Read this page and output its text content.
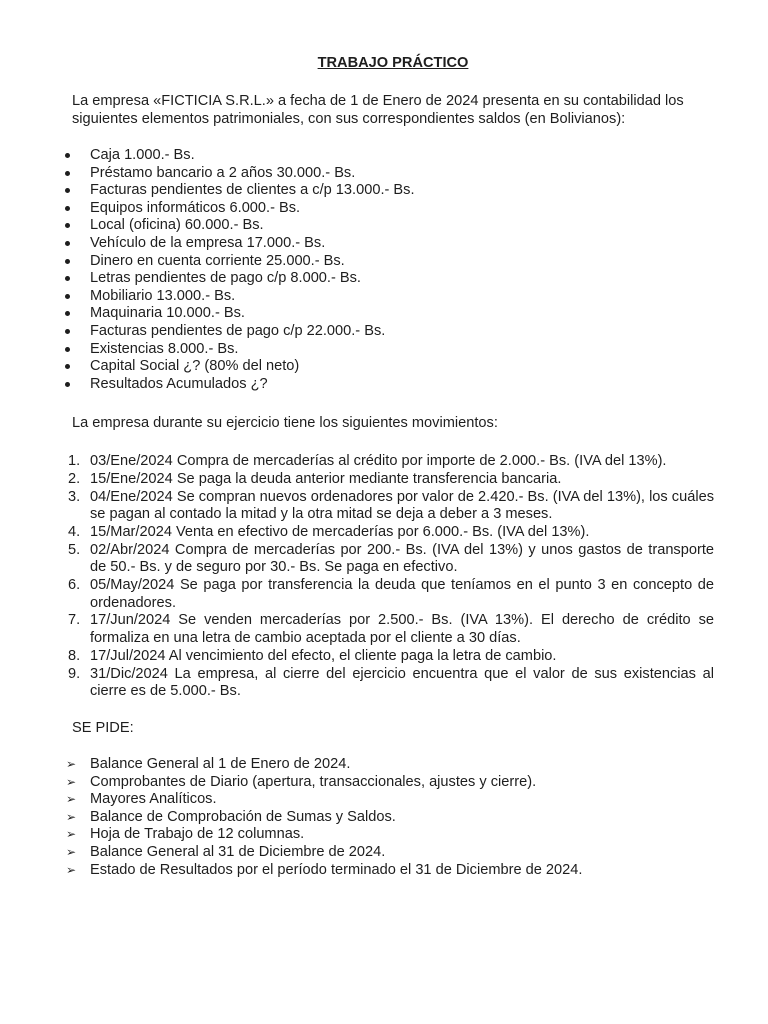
TRABAJO PRÁCTICO

La empresa «FICTICIA S.R.L.» a fecha de 1 de Enero de 2024 presenta en su contabilidad los siguientes elementos patrimoniales, con sus correspondientes saldos (en Bolivianos):

Caja 1.000.- Bs.
Préstamo bancario a 2 años 30.000.- Bs.
Facturas pendientes de clientes a c/p 13.000.- Bs.
Equipos informáticos 6.000.- Bs.
Local (oficina) 60.000.- Bs.
Vehículo de la empresa 17.000.- Bs.
Dinero en cuenta corriente 25.000.- Bs.
Letras pendientes de pago c/p 8.000.- Bs.
Mobiliario 13.000.- Bs.
Maquinaria 10.000.- Bs.
Facturas pendientes de pago c/p 22.000.- Bs.
Existencias 8.000.- Bs.
Capital Social ¿? (80% del neto)
Resultados Acumulados ¿?

La empresa durante su ejercicio tiene los siguientes movimientos:

1. 03/Ene/2024 Compra de mercaderías al crédito por importe de 2.000.- Bs. (IVA del 13%).
2. 15/Ene/2024 Se paga la deuda anterior mediante transferencia bancaria.
3. 04/Ene/2024 Se compran nuevos ordenadores por valor de 2.420.- Bs. (IVA del 13%), los cuáles se pagan al contado la mitad y la otra mitad se deja a deber a 3 meses.
4. 15/Mar/2024 Venta en efectivo de mercaderías por 6.000.- Bs. (IVA del 13%).
5. 02/Abr/2024 Compra de mercaderías por 200.- Bs. (IVA del 13%) y unos gastos de transporte de 50.- Bs. y de seguro por 30.- Bs. Se paga en efectivo.
6. 05/May/2024 Se paga por transferencia la deuda que teníamos en el punto 3 en concepto de ordenadores.
7. 17/Jun/2024 Se venden mercaderías por 2.500.- Bs. (IVA 13%). El derecho de crédito se formaliza en una letra de cambio aceptada por el cliente a 30 días.
8. 17/Jul/2024 Al vencimiento del efecto, el cliente paga la letra de cambio.
9. 31/Dic/2024 La empresa, al cierre del ejercicio encuentra que el valor de sus existencias al cierre es de 5.000.- Bs.

SE PIDE:

➢ Balance General al 1 de Enero de 2024.
➢ Comprobantes de Diario (apertura, transaccionales, ajustes y cierre).
➢ Mayores Analíticos.
➢ Balance de Comprobación de Sumas y Saldos.
➢ Hoja de Trabajo de 12 columnas.
➢ Balance General al 31 de Diciembre de 2024.
➢ Estado de Resultados por el período terminado el 31 de Diciembre de 2024.
